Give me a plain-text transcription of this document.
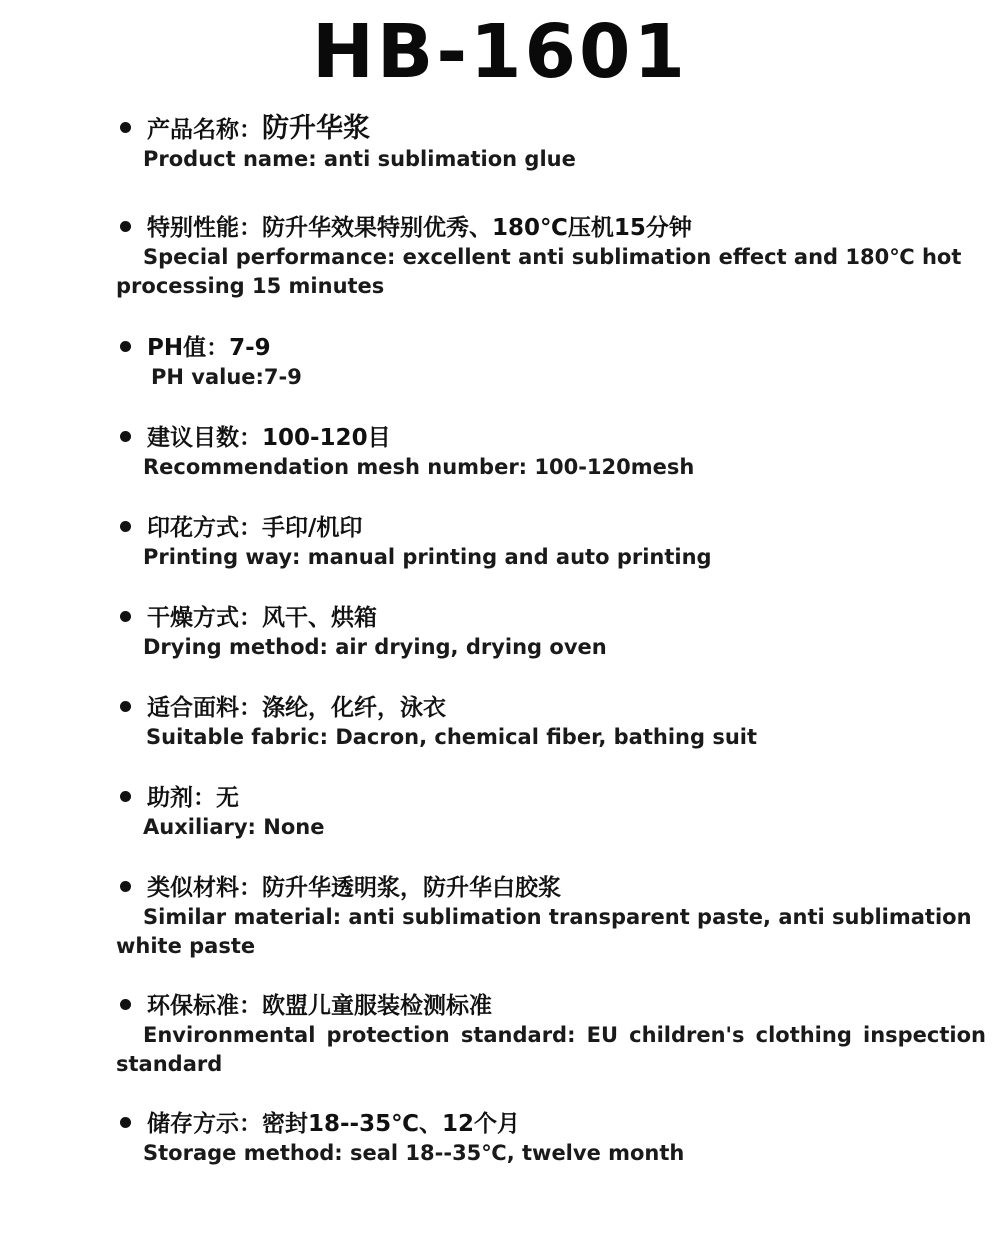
HB-1601
产品名称：防升华浆
Product name: anti sublimation glue
特别性能：防升华效果特别优秀、180℃压机15分钟
Special performance: excellent anti sublimation effect and 180℃ hot processing 15 minutes
PH值：7-9
PH value:7-9
建议目数：100-120目
Recommendation mesh number: 100-120mesh
印花方式：手印/机印
Printing way: manual printing and auto printing
干燥方式：风干、烘箱
Drying method: air drying, drying oven
适合面料：涤纶，化纤，泳衣
Suitable fabric: Dacron, chemical fiber, bathing suit
助剂：无
Auxiliary: None
类似材料：防升华透明浆，防升华白胶浆
Similar material: anti sublimation transparent paste, anti sublimation white paste
环保标准：欧盟儿童服装检测标准
Environmental protection standard: EU children's clothing inspection standard
储存方示：密封18--35℃、12个月
Storage method: seal 18--35℃, twelve month
